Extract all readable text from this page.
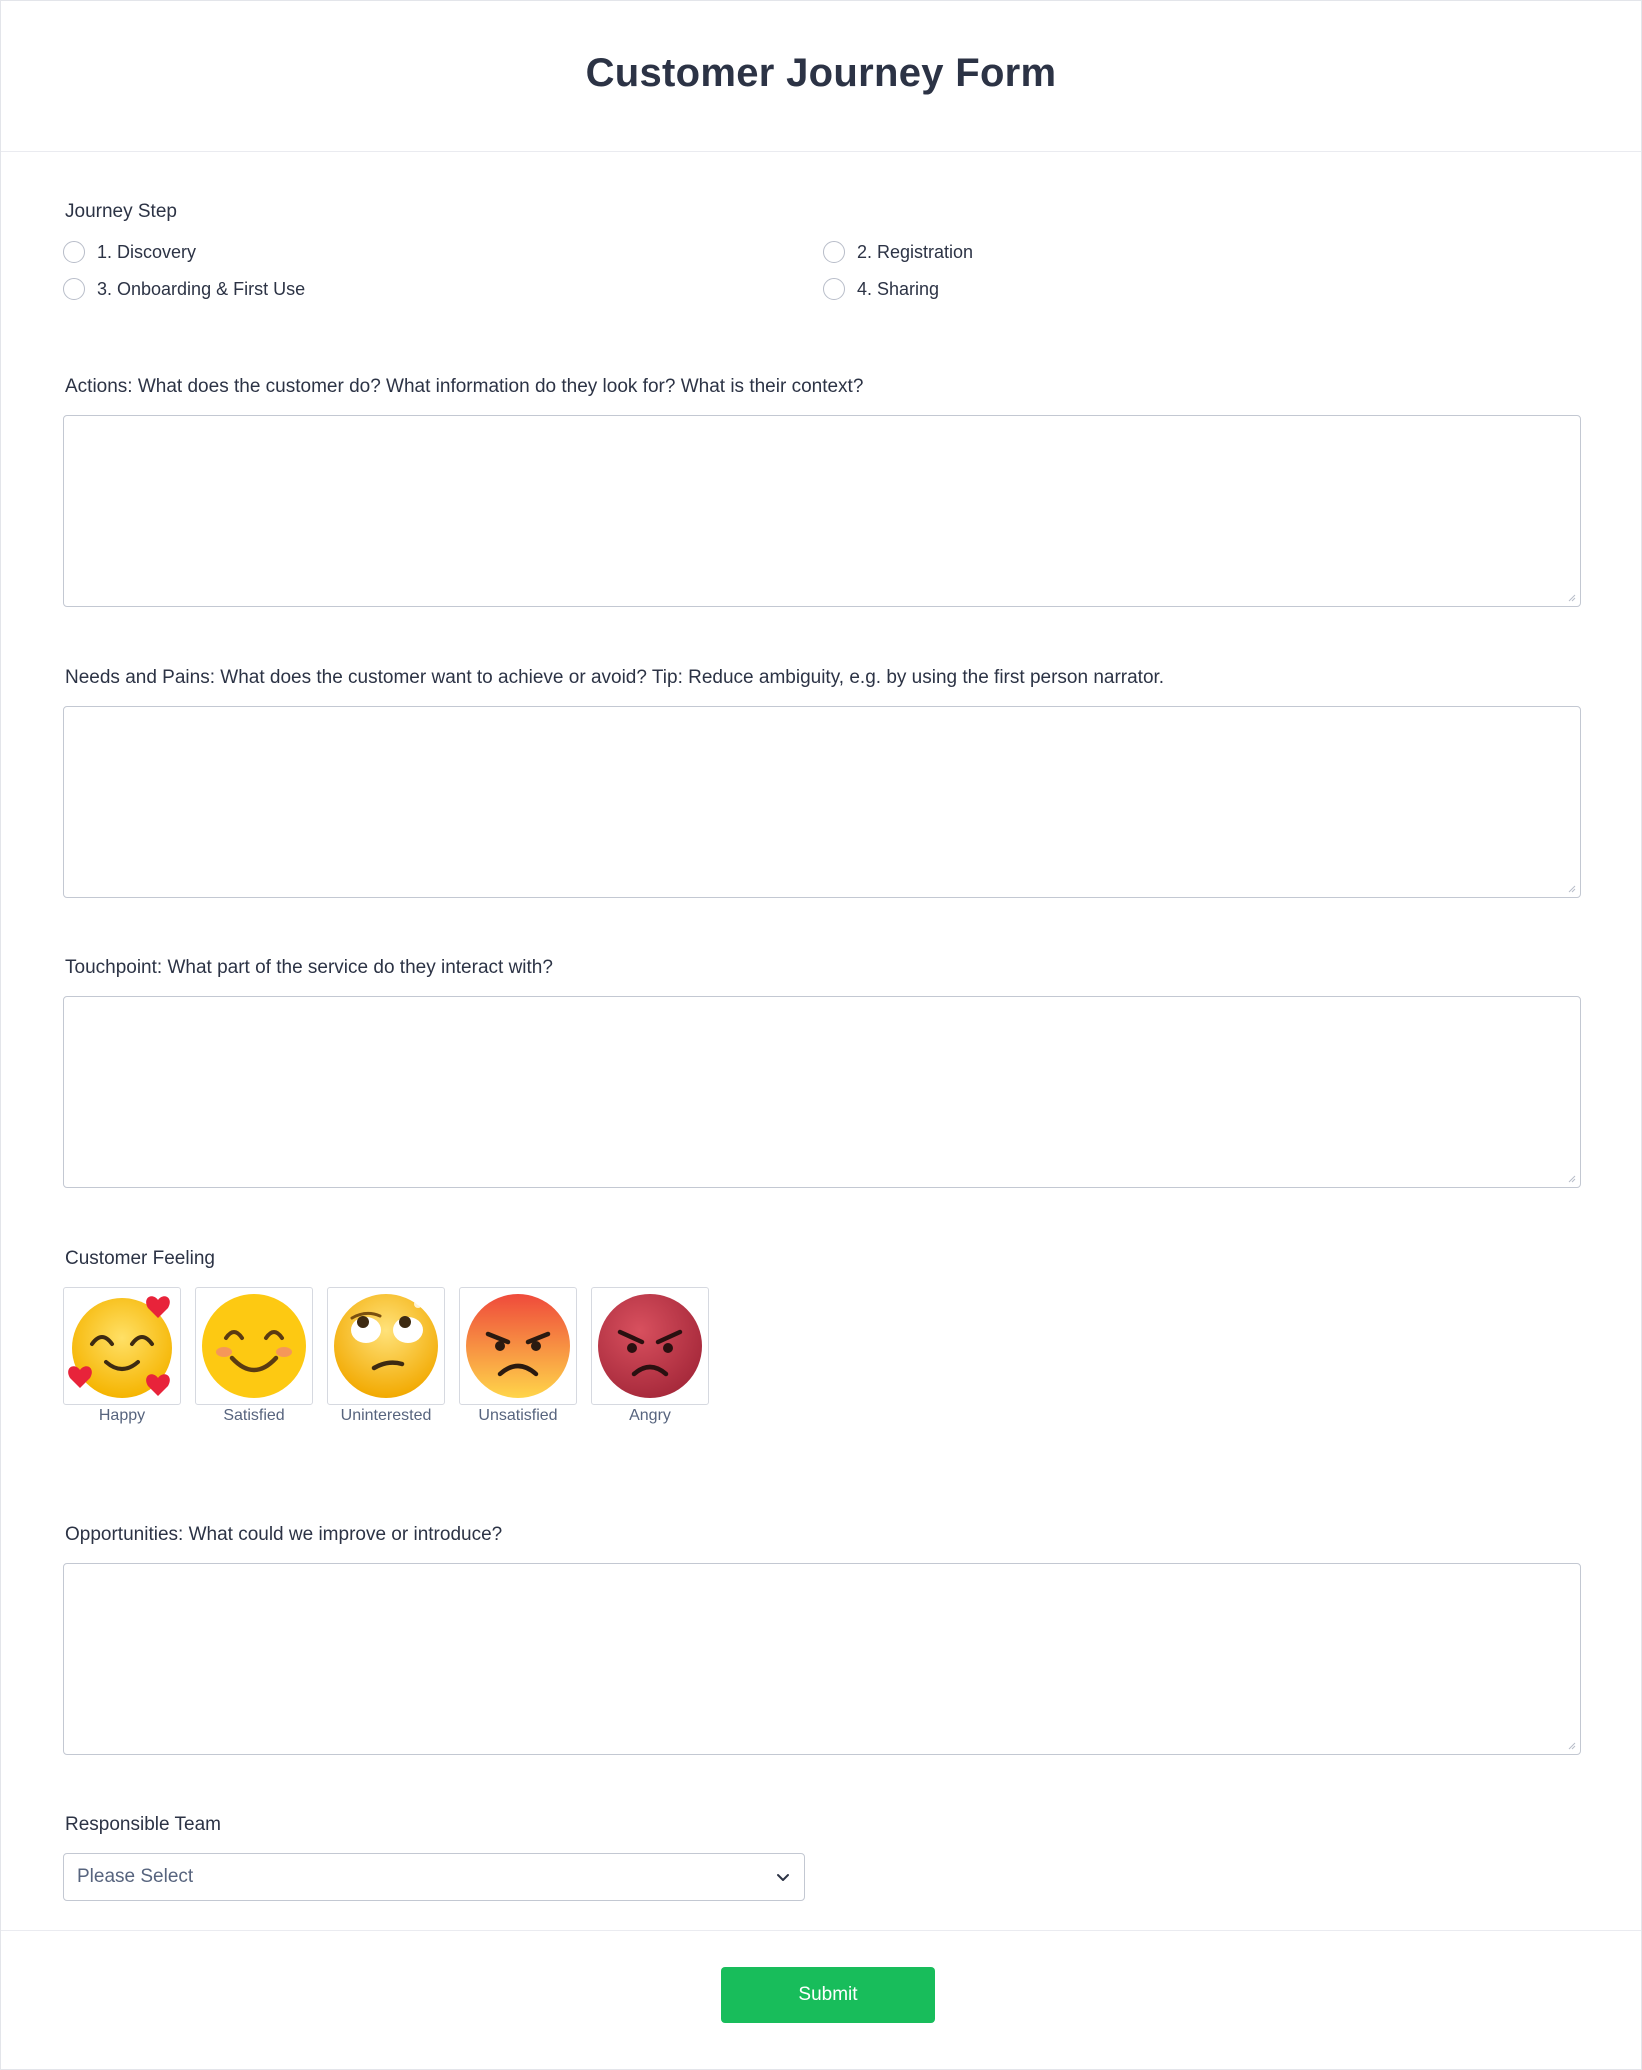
Customer Journey Form
Journey Step
1. Discovery	2. Registration
3. Onboarding & First Use	4. Sharing
Actions: What does the customer do? What information do they look for? What is their context?
Needs and Pains: What does the customer want to achieve or avoid? Tip: Reduce ambiguity, e.g. by using the first person narrator.
Touchpoint: What part of the service do they interact with?
Customer Feeling
Happy	Satisfied	Uninterested	Unsatisfied	Angry
Opportunities: What could we improve or introduce?
Responsible Team
Please Select
Submit
